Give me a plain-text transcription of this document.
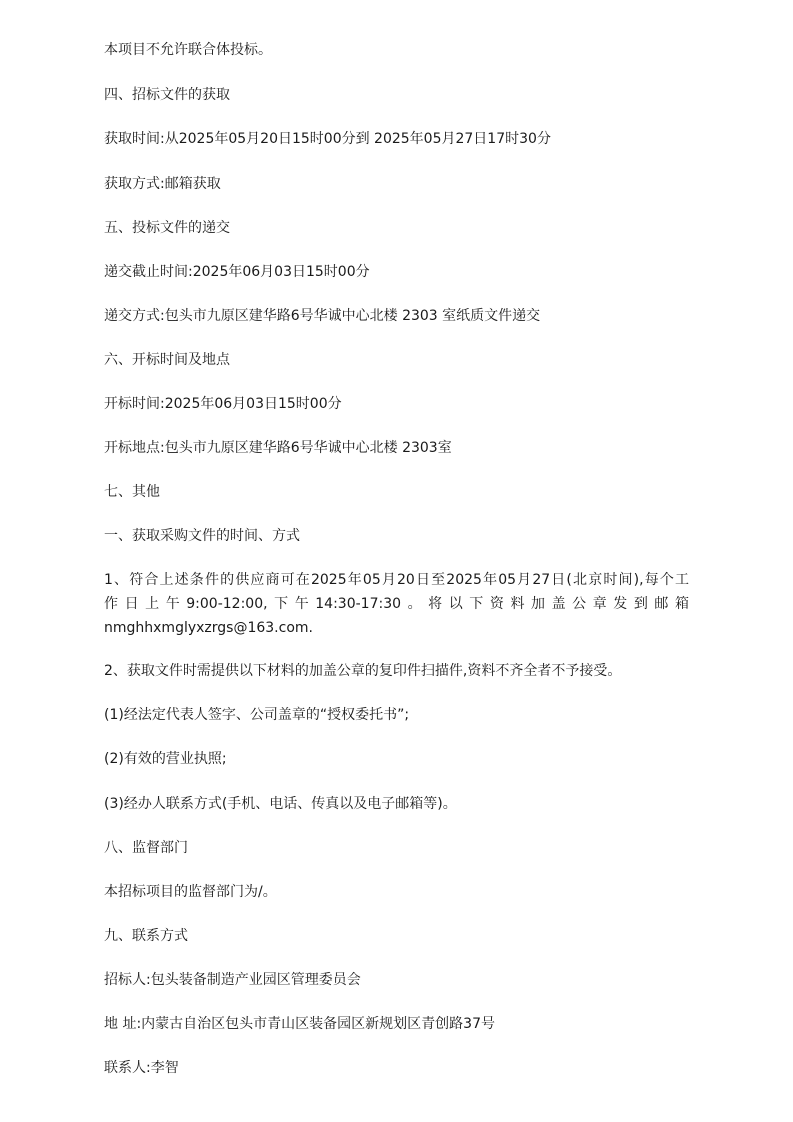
本项目不允许联合体投标。
四、招标文件的获取
获取时间:从2025年05月20日15时00分到 2025年05月27日17时30分
获取方式:邮箱获取
五、投标文件的递交
递交截止时间:2025年06月03日15时00分
递交方式:包头市九原区建华路6号华诚中心北楼 2303 室纸质文件递交
六、开标时间及地点
开标时间:2025年06月03日15时00分
开标地点:包头市九原区建华路6号华诚中心北楼 2303室
七、其他
一、获取采购文件的时间、方式
1、符合上述条件的供应商可在2025年05月20日至2025年05月27日(北京时间),每个工
作日上午9:00-12:00,下午14:30-17:30。将以下资料加盖公章发到邮箱
nmghhxmglyxzrgs@163.com.
2、获取文件时需提供以下材料的加盖公章的复印件扫描件,资料不齐全者不予接受。
(1)经法定代表人签字、公司盖章的“授权委托书”;
(2)有效的营业执照;
(3)经办人联系方式(手机、电话、传真以及电子邮箱等)。
八、监督部门
本招标项目的监督部门为/。
九、联系方式
招标人:包头装备制造产业园区管理委员会
地 址:内蒙古自治区包头市青山区装备园区新规划区青创路37号
联系人:李智
